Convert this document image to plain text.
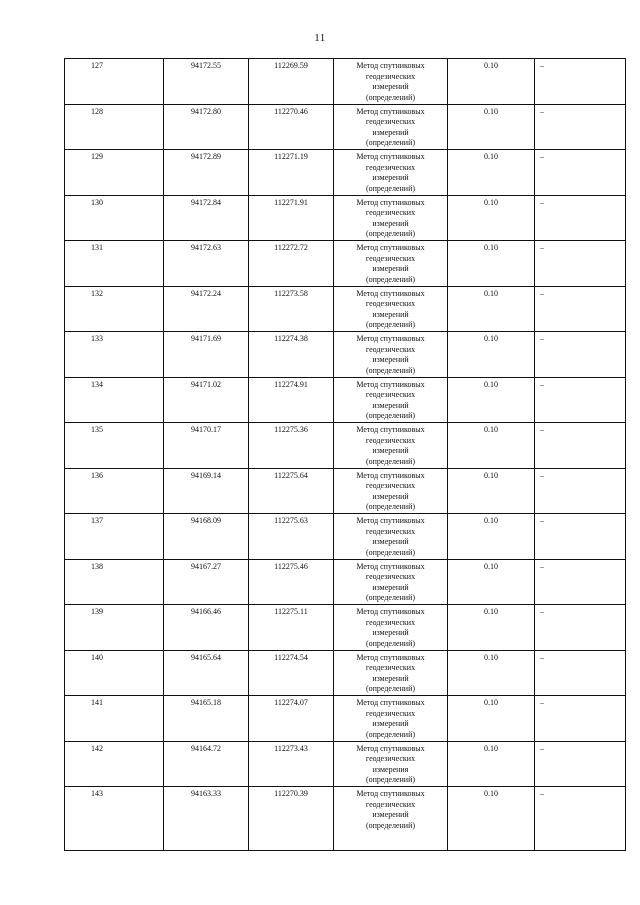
11
127	94172.55	112269.59	Метод спутниковых
геодезических
измерений
(определений)	0.10	–
128	94172.80	112270.46	Метод спутниковых
геодезических
измерений
(определений)	0.10	–
129	94172.89	112271.19	Метод спутниковых
геодезических
измерений
(определений)	0.10	–
130	94172.84	112271.91	Метод спутниковых
геодезических
измерений
(определений)	0.10	–
131	94172.63	112272.72	Метод спутниковых
геодезических
измерений
(определений)	0.10	–
132	94172.24	112273.58	Метод спутниковых
геодезических
измерений
(определений)	0.10	–
133	94171.69	112274.38	Метод спутниковых
геодезических
измерений
(определений)	0.10	–
134	94171.02	112274.91	Метод спутниковых
геодезических
измерений
(определений)	0.10	–
135	94170.17	112275.36	Метод спутниковых
геодезических
измерений
(определений)	0.10	–
136	94169.14	112275.64	Метод спутниковых
геодезических
измерений
(определений)	0.10	–
137	94168.09	112275.63	Метод спутниковых
геодезических
измерений
(определений)	0.10	–
138	94167.27	112275.46	Метод спутниковых
геодезических
измерений
(определений)	0.10	–
139	94166.46	112275.11	Метод спутниковых
геодезических
измерений
(определений)	0.10	–
140	94165.64	112274.54	Метод спутниковых
геодезических
измерений
(определений)	0.10	–
141	94165.18	112274.07	Метод спутниковых
геодезических
измерений
(определений)	0.10	–
142	94164.72	112273.43	Метод спутниковых
геодезических
измерения
(определений)	0.10	–
143	94163.33	112270.39	Метод спутниковых
геодезических
измерений
(определений)	0.10	–
